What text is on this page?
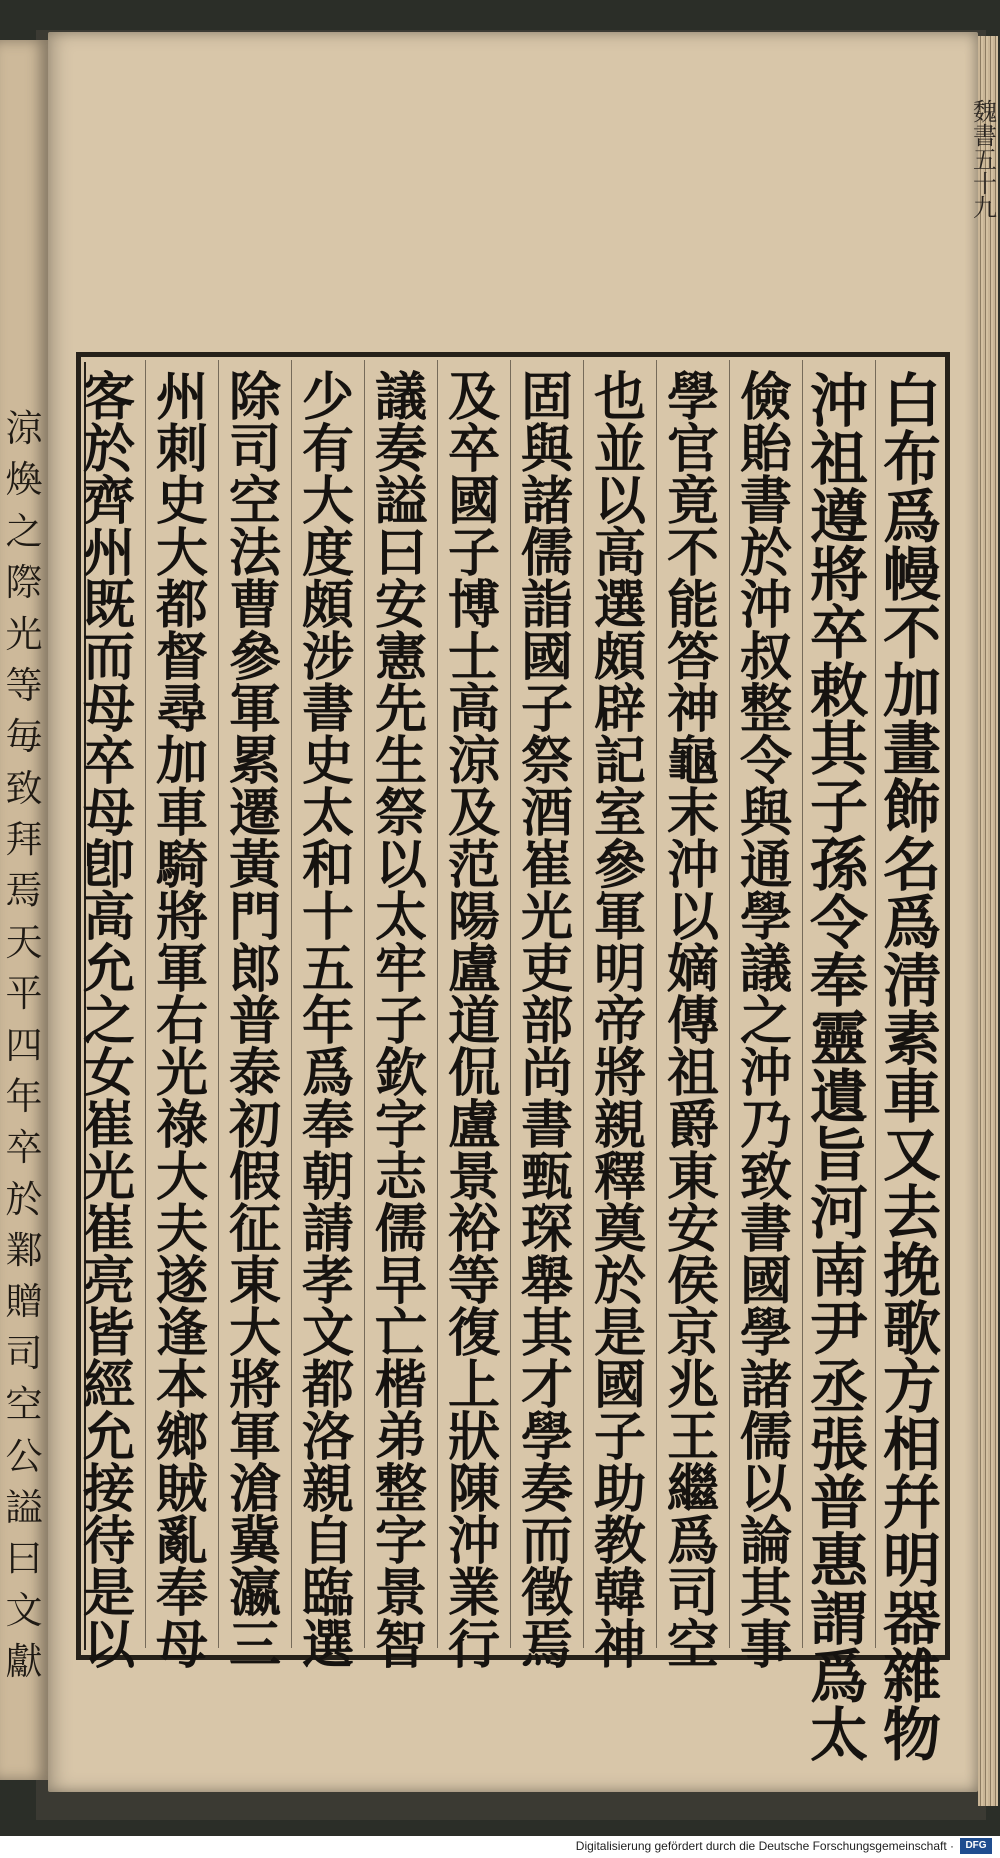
涼
煥
之
際
光
等
毎
致
拜
焉
天
平
四
年
卒
於
鄴
贈
司
空
公
謚
曰
文
獻
魏
書
五
十
九
白
布
爲
幔
不
加
畫
飾
名
爲
淸
素
車
又
去
挽
歌
方
相
幷
明
器
雜
物
沖
祖
遵
將
卒
敕
其
子
孫
令
奉
靈
遺
旨
河
南
尹
丞
張
普
惠
謂
爲
太
儉
貽
書
於
沖
叔
整
令
與
通
學
議
之
沖
乃
致
書
國
學
諸
儒
以
論
其
事
學
官
竟
不
能
答
神
龜
末
沖
以
嫡
傳
祖
爵
東
安
侯
京
兆
王
繼
爲
司
空
也
並
以
高
選
頗
辟
記
室
參
軍
明
帝
將
親
釋
奠
於
是
國
子
助
教
韓
神
固
與
諸
儒
詣
國
子
祭
酒
崔
光
吏
部
尚
書
甄
琛
舉
其
才
學
奏
而
徵
焉
及
卒
國
子
博
士
高
涼
及
范
陽
盧
道
侃
盧
景
裕
等
復
上
狀
陳
沖
業
行
議
奏
謚
曰
安
憲
先
生
祭
以
太
牢
子
欽
字
志
儒
早
亡
楷
弟
整
字
景
智
少
有
大
度
頗
涉
書
史
太
和
十
五
年
爲
奉
朝
請
孝
文
都
洛
親
自
臨
選
除
司
空
法
曹
參
軍
累
遷
黃
門
郎
普
泰
初
假
征
東
大
將
軍
滄
冀
瀛
三
州
刺
史
大
都
督
尋
加
車
騎
將
軍
右
光
祿
大
夫
遂
逢
本
鄉
賊
亂
奉
母
客
於
齊
州
既
而
母
卒
母
卽
高
允
之
女
崔
光
崔
亮
皆
經
允
接
待
是
以
Digitalisierung gefördert durch die Deutsche Forschungsgemeinschaft ·	DFG
